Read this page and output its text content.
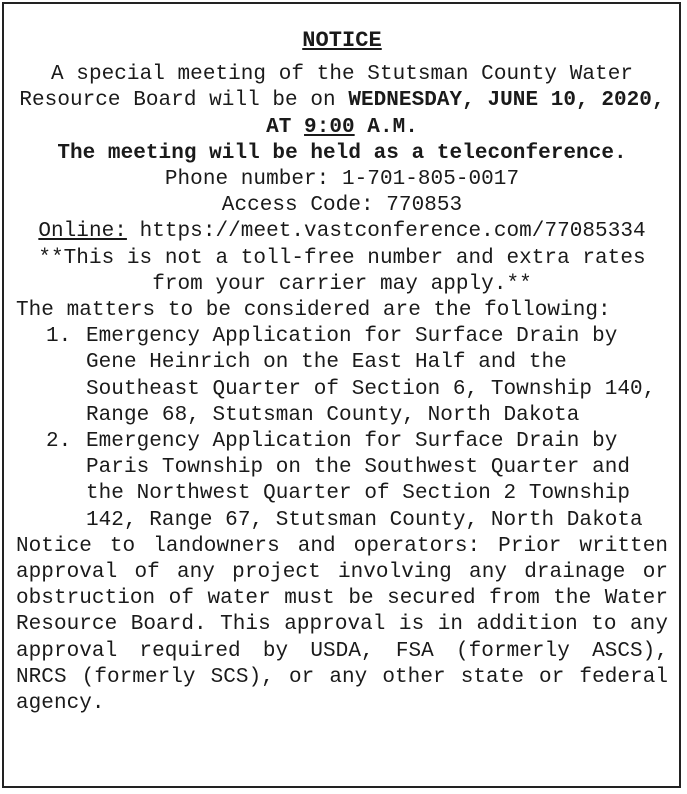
NOTICE
A special meeting of the Stutsman County Water Resource Board will be on WEDNESDAY, JUNE 10, 2020, AT 9:00 A.M.
The meeting will be held as a teleconference.
Phone number: 1-701-805-0017
Access Code: 770853
Online: https://meet.vastconference.com/77085334
**This is not a toll-free number and extra rates from your carrier may apply.**
The matters to be considered are the following:
1. Emergency Application for Surface Drain by Gene Heinrich on the East Half and the Southeast Quarter of Section 6, Township 140, Range 68, Stutsman County, North Dakota
2. Emergency Application for Surface Drain by Paris Township on the Southwest Quarter and the Northwest Quarter of Section 2 Township 142, Range 67, Stutsman County, North Dakota
Notice to landowners and operators: Prior written approval of any project involving any drainage or obstruction of water must be secured from the Water Resource Board. This approval is in addition to any approval required by USDA, FSA (formerly ASCS), NRCS (formerly SCS), or any other state or federal agency.
